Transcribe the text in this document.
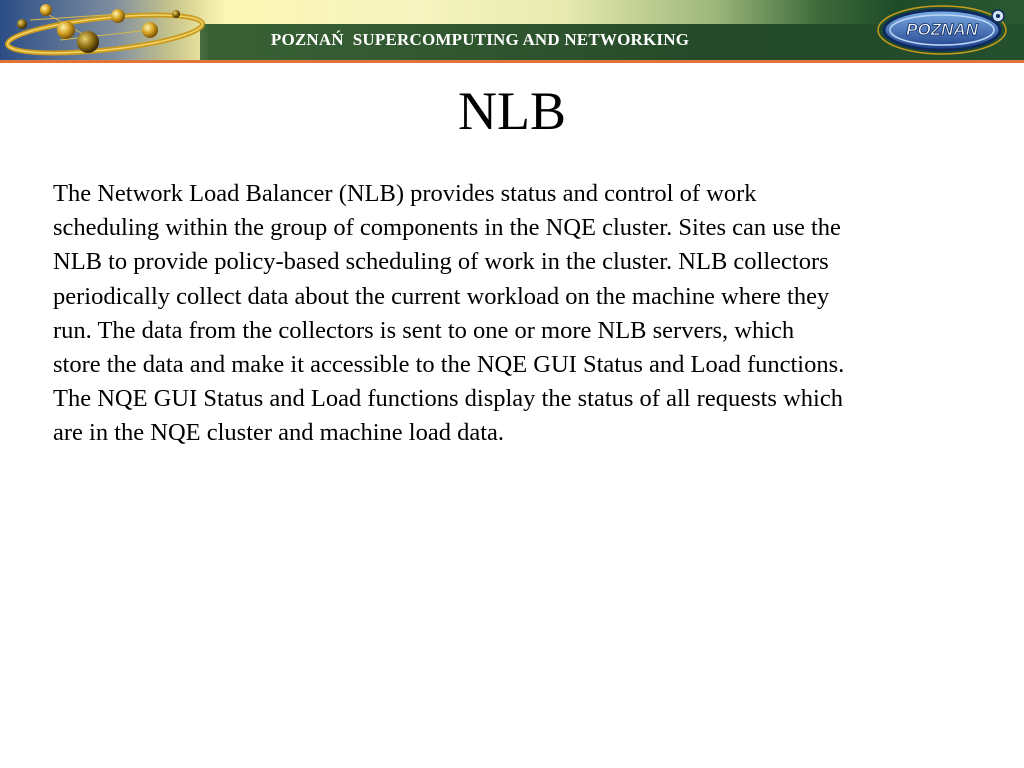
POZNAŃ  SUPERCOMPUTING AND NETWORKING
POZNAN
NLB

The Network Load Balancer (NLB) provides status and control of work
scheduling within the group of components in the NQE cluster. Sites can use the
NLB to provide policy-based scheduling of work in the cluster. NLB collectors
periodically collect data about the current workload on the machine where they
run. The data from the collectors is sent to one or more NLB servers, which
store the data and make it accessible to the NQE GUI Status and Load functions.
The NQE GUI Status and Load functions display the status of all requests which
are in the NQE cluster and machine load data.
